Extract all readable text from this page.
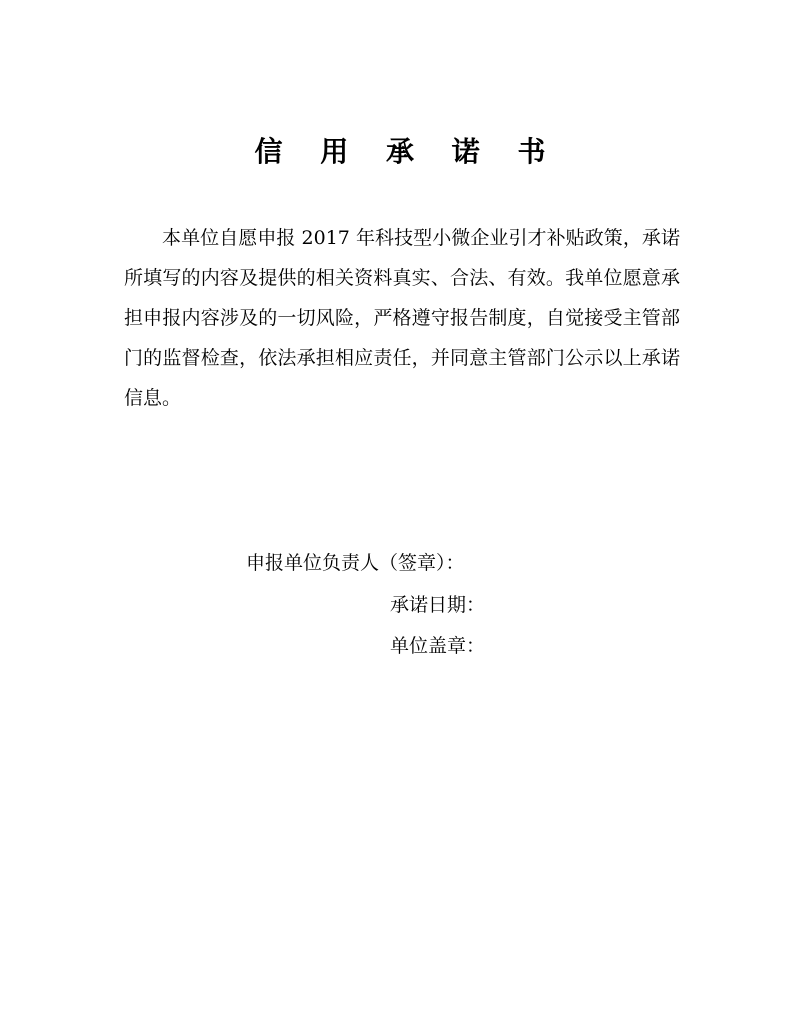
信 用 承 诺 书

本单位自愿申报 2017 年科技型小微企业引才补贴政策，承诺所填写的内容及提供的相关资料真实、合法、有效。我单位愿意承担申报内容涉及的一切风险，严格遵守报告制度，自觉接受主管部门的监督检查，依法承担相应责任，并同意主管部门公示以上承诺信息。

申报单位负责人（签章）：
承诺日期：
单位盖章：
